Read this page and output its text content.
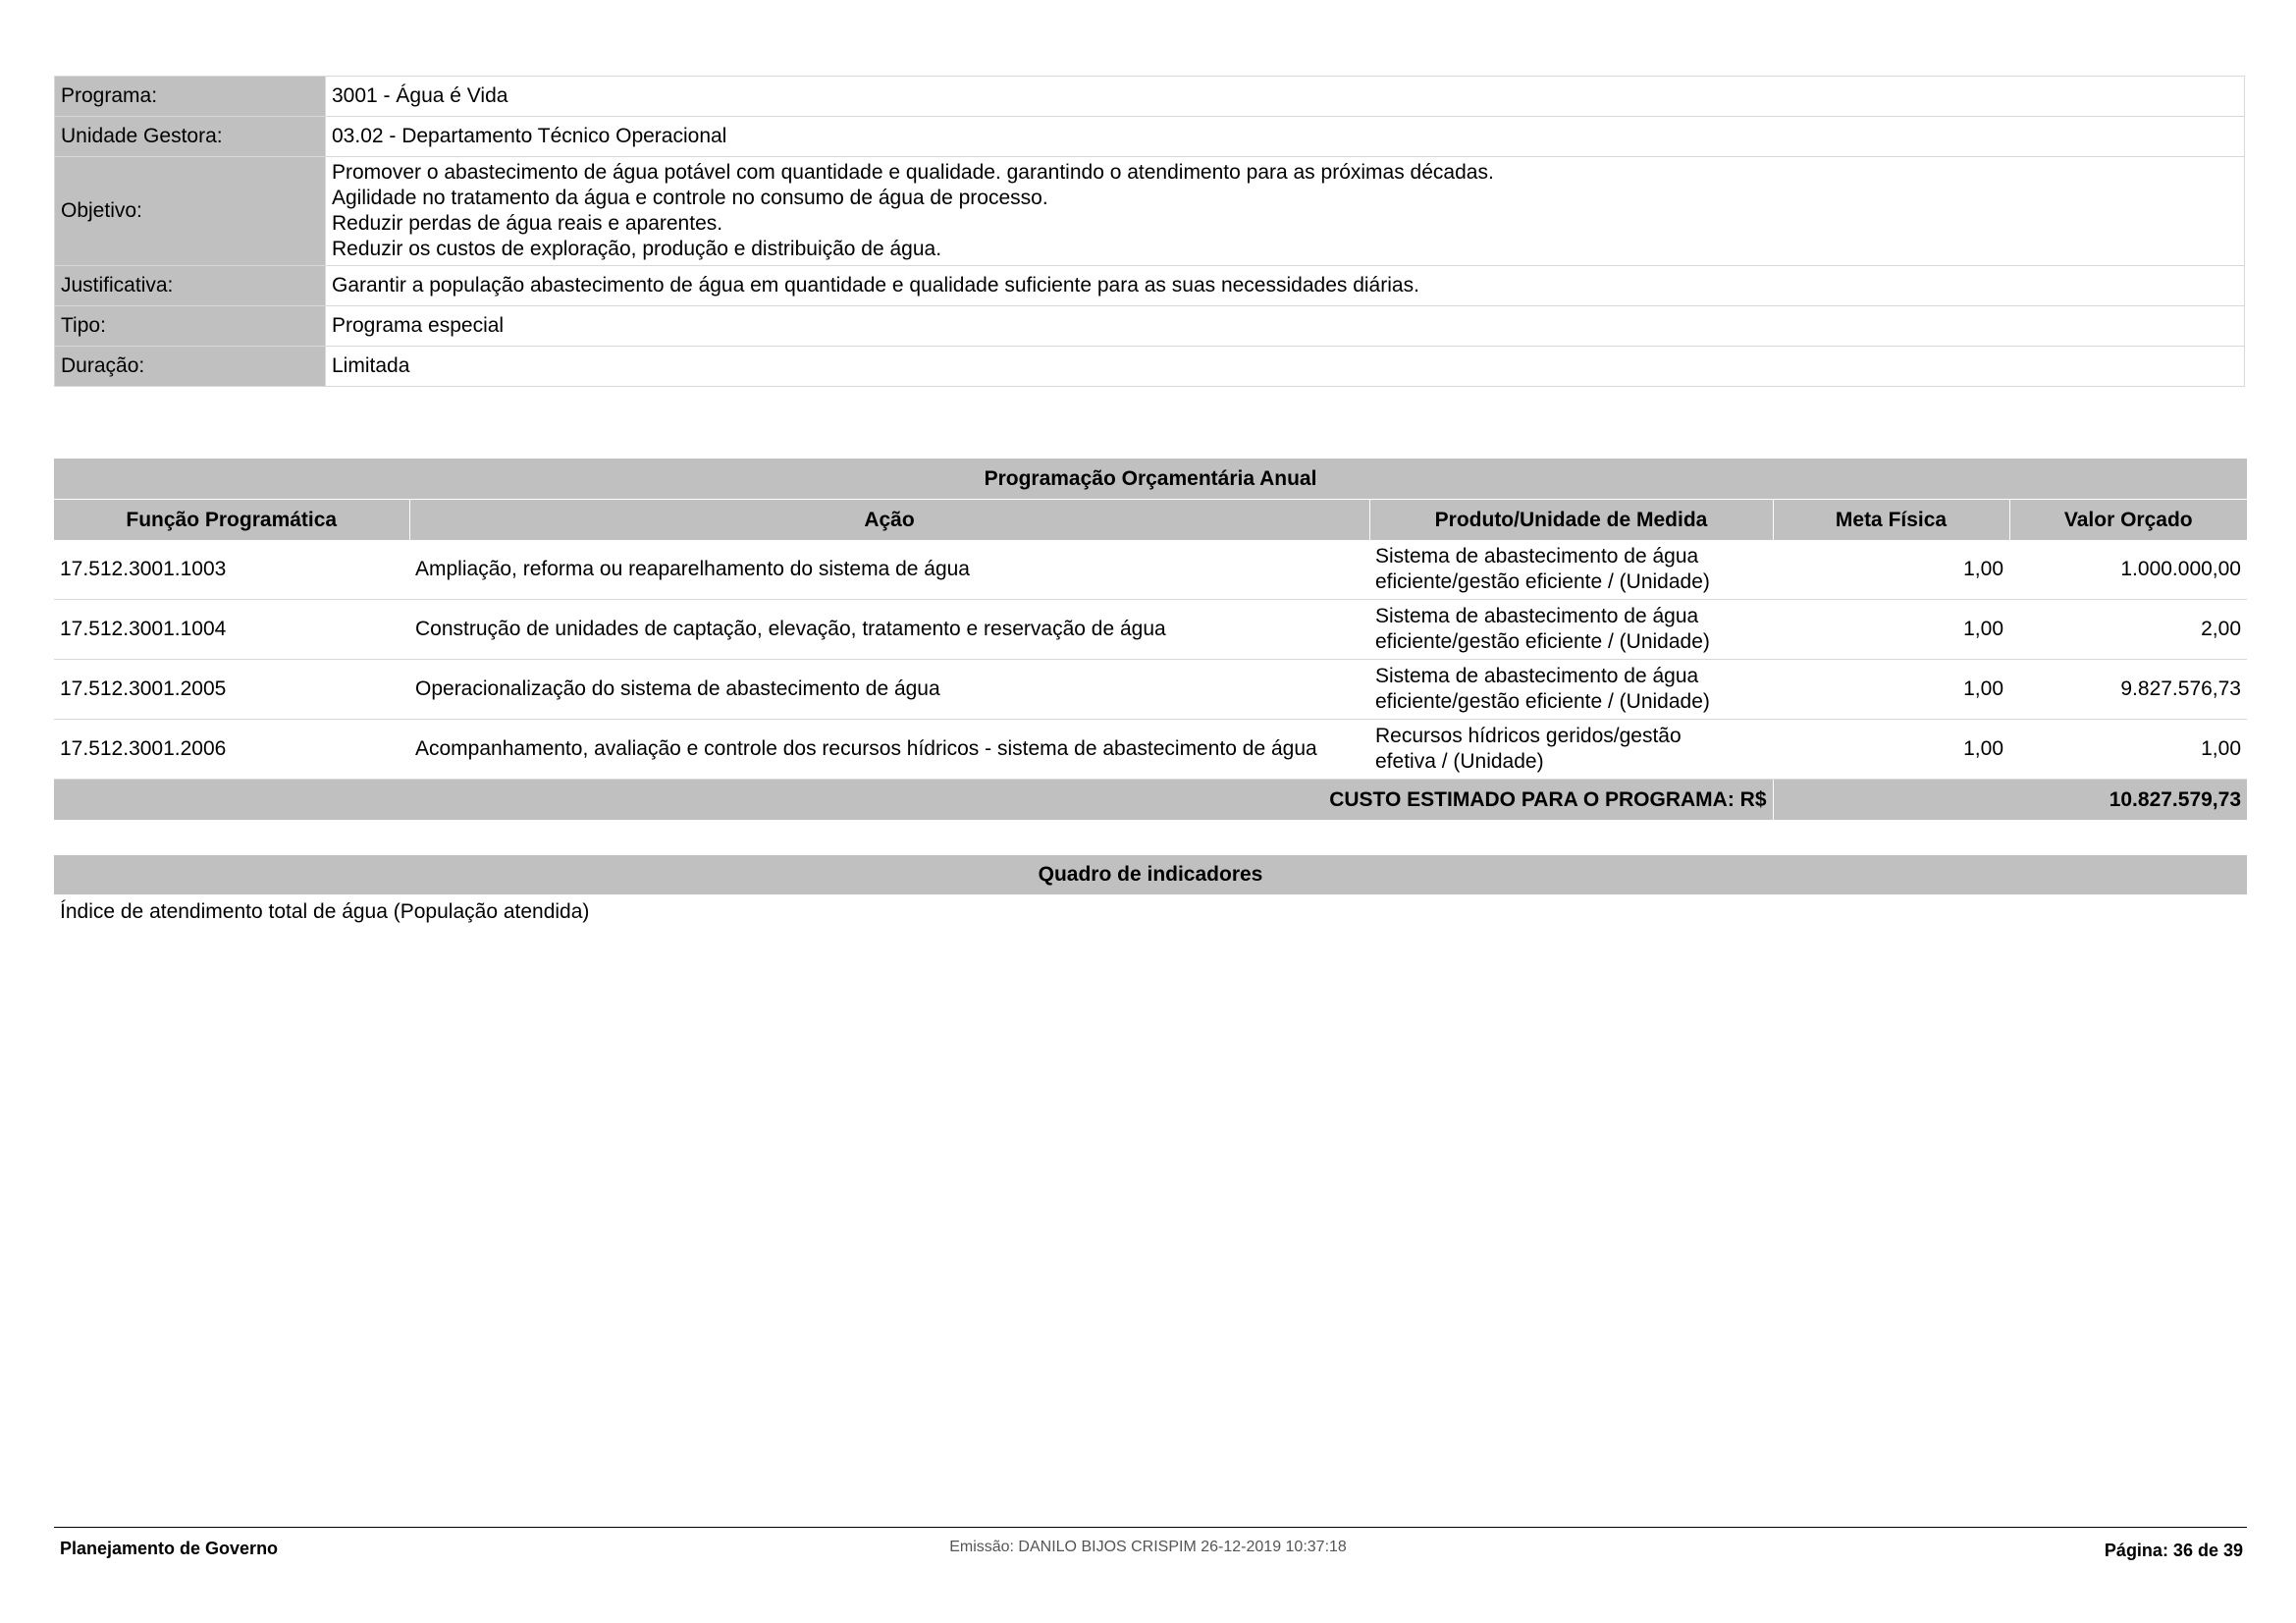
Programa:	3001 - Água é Vida
Unidade Gestora:	03.02 - Departamento Técnico Operacional
Objetivo:	Promover o abastecimento de água potável com quantidade e qualidade. garantindo o atendimento para as próximas décadas.
Agilidade no tratamento da água e controle no consumo de água de processo.
Reduzir perdas de água reais e aparentes.
Reduzir os custos de exploração, produção e distribuição de água.

Justificativa:	Garantir a população abastecimento de água em quantidade e qualidade suficiente para as suas necessidades diárias.
Tipo:	Programa especial
Duração:	Limitada
Programação Orçamentária Anual				
Função Programática	Ação	Produto/Unidade de Medida	Meta Física	Valor Orçado
17.512.3001.1003	Ampliação, reforma ou reaparelhamento do sistema de água	Sistema de abastecimento de água
eficiente/gestão eficiente / (Unidade)	1,00	1.000.000,00
17.512.3001.1004	Construção de unidades de captação, elevação, tratamento e reservação de água	Sistema de abastecimento de água
eficiente/gestão eficiente / (Unidade)	1,00	2,00
17.512.3001.2005	Operacionalização do sistema de abastecimento de água	Sistema de abastecimento de água
eficiente/gestão eficiente / (Unidade)	1,00	9.827.576,73
17.512.3001.2006	Acompanhamento, avaliação e controle dos recursos hídricos - sistema de abastecimento de água	Recursos hídricos geridos/gestão
efetiva / (Unidade)	1,00	1,00
CUSTO ESTIMADO PARA O PROGRAMA: R$			10.827.579,73	
Quadro de indicadores
Índice de atendimento total de água (População atendida)
Planejamento de Governo	Emissão: DANILO BIJOS CRISPIM 26-12-2019 10:37:18	Página: 36 de 39
